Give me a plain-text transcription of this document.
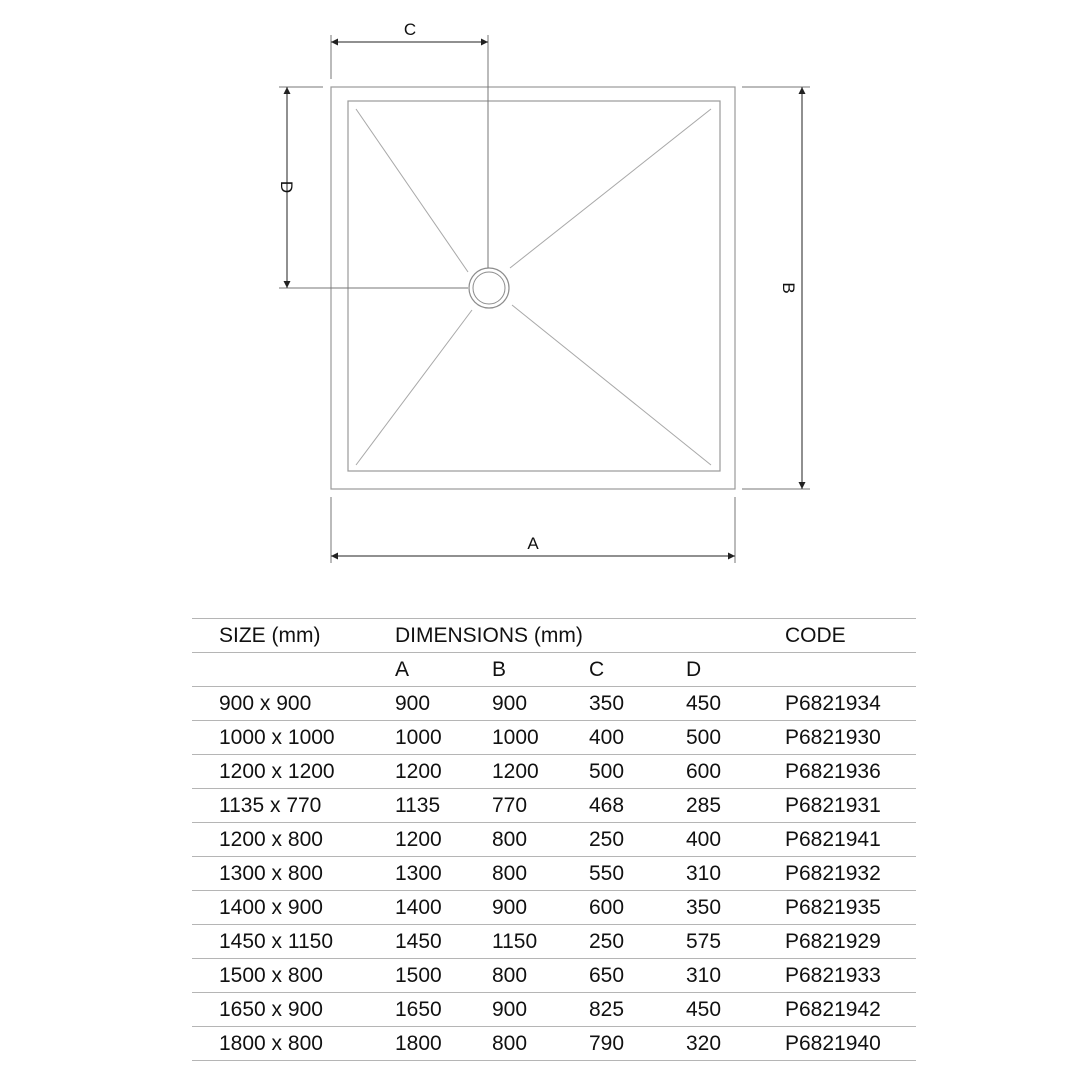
C
D
B
A
SIZE (mm)	DIMENSIONS (mm)				CODE
	A	B	C	D	
900 x 900	900	900	350	450	P6821934
1000 x 1000	1000	1000	400	500	P6821930
1200 x 1200	1200	1200	500	600	P6821936
1135 x 770	1135	770	468	285	P6821931
1200 x 800	1200	800	250	400	P6821941
1300 x 800	1300	800	550	310	P6821932
1400 x 900	1400	900	600	350	P6821935
1450 x 1150	1450	1150	250	575	P6821929
1500 x 800	1500	800	650	310	P6821933
1650 x 900	1650	900	825	450	P6821942
1800 x 800	1800	800	790	320	P6821940
